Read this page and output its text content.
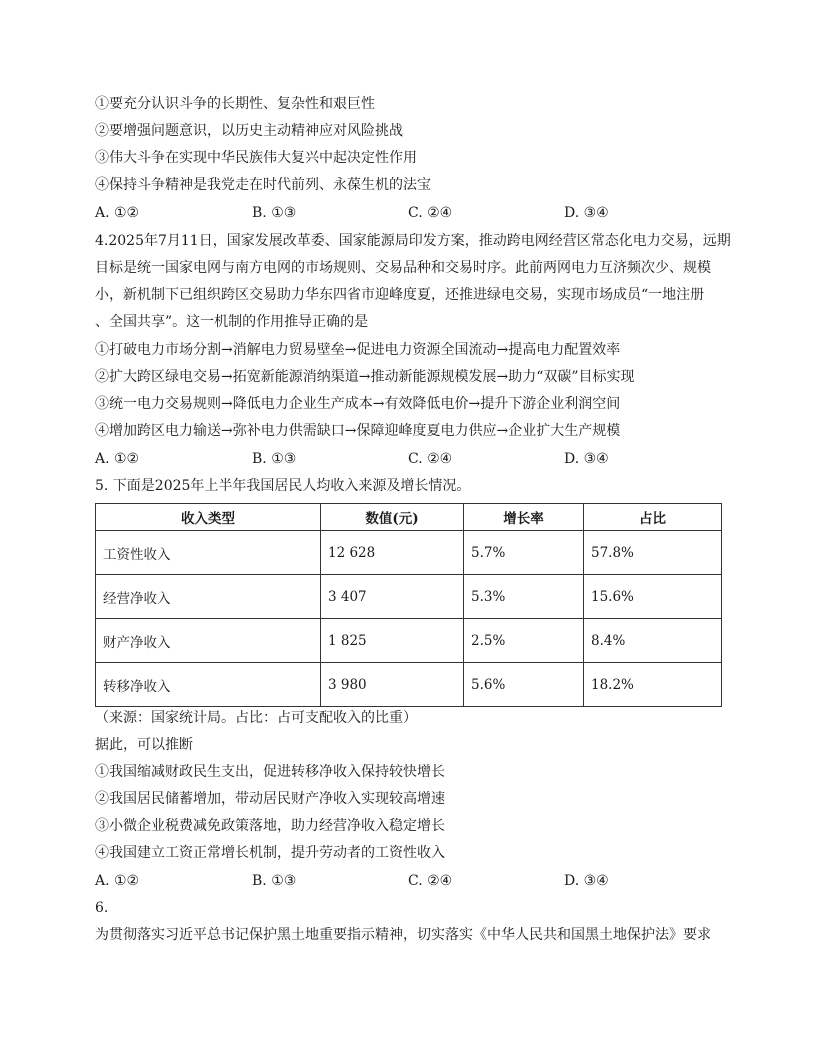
①要充分认识斗争的长期性、复杂性和艰巨性
②要增强问题意识，以历史主动精神应对风险挑战
③伟大斗争在实现中华民族伟大复兴中起决定性作用
④保持斗争精神是我党走在时代前列、永葆生机的法宝
A. ①②	B. ①③	C. ②④	D. ③④
4.2025年7月11日，国家发展改革委、国家能源局印发方案，推动跨电网经营区常态化电力交易，远期
目标是统一国家电网与南方电网的市场规则、交易品种和交易时序。此前两网电力互济频次少、规模
小，新机制下已组织跨区交易助力华东四省市迎峰度夏，还推进绿电交易，实现市场成员“一地注册
、全国共享”。这一机制的作用推导正确的是
①打破电力市场分割→消解电力贸易壁垒→促进电力资源全国流动→提高电力配置效率
②扩大跨区绿电交易→拓宽新能源消纳渠道→推动新能源规模发展→助力“双碳”目标实现
③统一电力交易规则→降低电力企业生产成本→有效降低电价→提升下游企业利润空间
④增加跨区电力输送→弥补电力供需缺口→保障迎峰度夏电力供应→企业扩大生产规模
A. ①②	B. ①③	C. ②④	D. ③④
5. 下面是2025年上半年我国居民人均收入来源及增长情况。
收入类型	数值(元)	增长率	占比
工资性收入	12 628	5.7%	57.8%
经营净收入	3 407	5.3%	15.6%
财产净收入	1 825	2.5%	8.4%
转移净收入	3 980	5.6%	18.2%
（来源：国家统计局。占比：占可支配收入的比重）
据此，可以推断
①我国缩减财政民生支出，促进转移净收入保持较快增长
②我国居民储蓄增加，带动居民财产净收入实现较高增速
③小微企业税费减免政策落地，助力经营净收入稳定增长
④我国建立工资正常增长机制，提升劳动者的工资性收入
A. ①②	B. ①③	C. ②④	D. ③④
6.
为贯彻落实习近平总书记保护黑土地重要指示精神，切实落实《中华人民共和国黑土地保护法》要求
